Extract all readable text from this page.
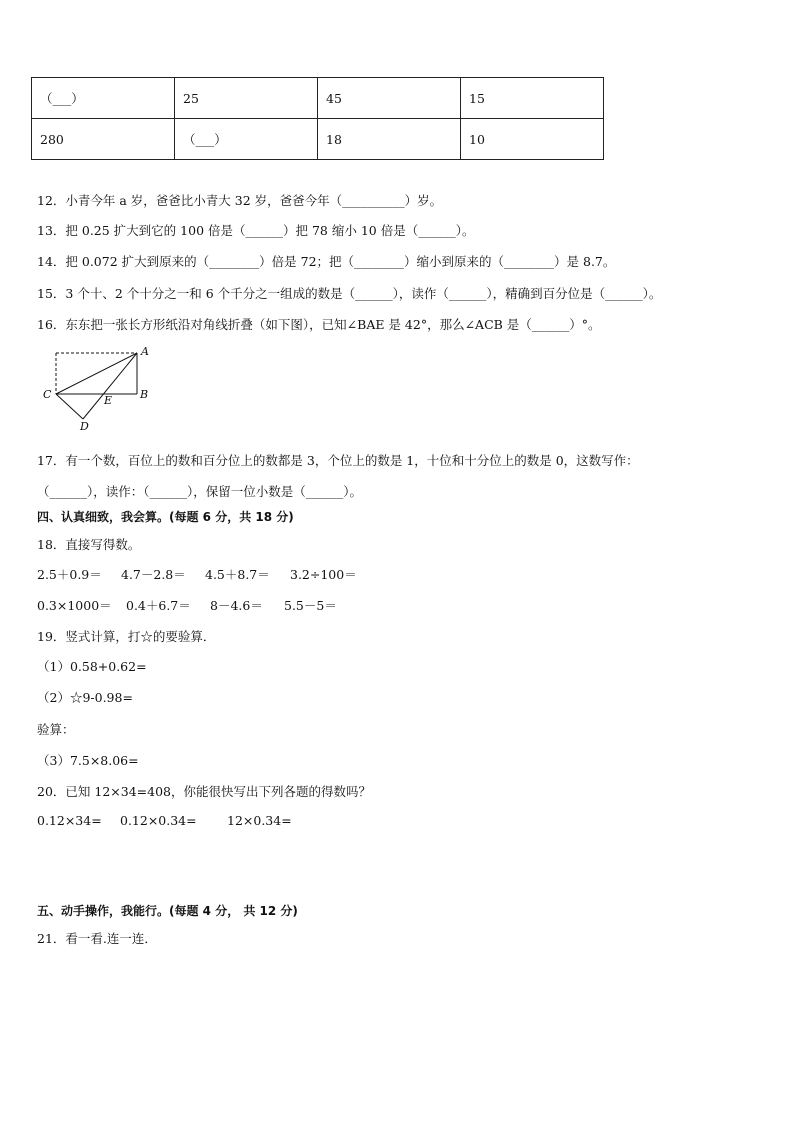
（___）	25	45	15
280	（___）	18	10
12．小青今年 a 岁，爸爸比小青大 32 岁，爸爸今年（__________）岁。
13．把 0.25 扩大到它的 100 倍是（______）把 78 缩小 10 倍是（______）。
14．把 0.072 扩大到原来的（________）倍是 72；把（________）缩小到原来的（________）是 8.7。
15．3 个十、2 个十分之一和 6 个千分之一组成的数是（______），读作（______），精确到百分位是（______）。
16．东东把一张长方形纸沿对角线折叠（如下图），已知∠BAE 是 42°，那么∠ACB 是（______）°。
A
B
C
D
E
17．有一个数，百位上的数和百分位上的数都是 3，个位上的数是 1，十位和十分位上的数是 0，这数写作：
（______），读作：（______），保留一位小数是（______）。
四、认真细致，我会算。(每题 6 分，共 18 分)
18．直接写得数。
2.5＋0.9＝ 4.7－2.8＝ 4.5＋8.7＝ 3.2÷100＝
0.3×1000＝ 0.4＋6.7＝ 8－4.6＝ 5.5－5＝
19．竖式计算，打☆的要验算．
（1）0.58+0.62=
（2）☆9-0.98=
验算：
（3）7.5×8.06=
20．已知 12×34=408，你能很快写出下列各题的得数吗？
0.12×34= 0.12×0.34= 12×0.34=
五、动手操作，我能行。(每题 4 分， 共 12 分)
21．看一看.连一连．
